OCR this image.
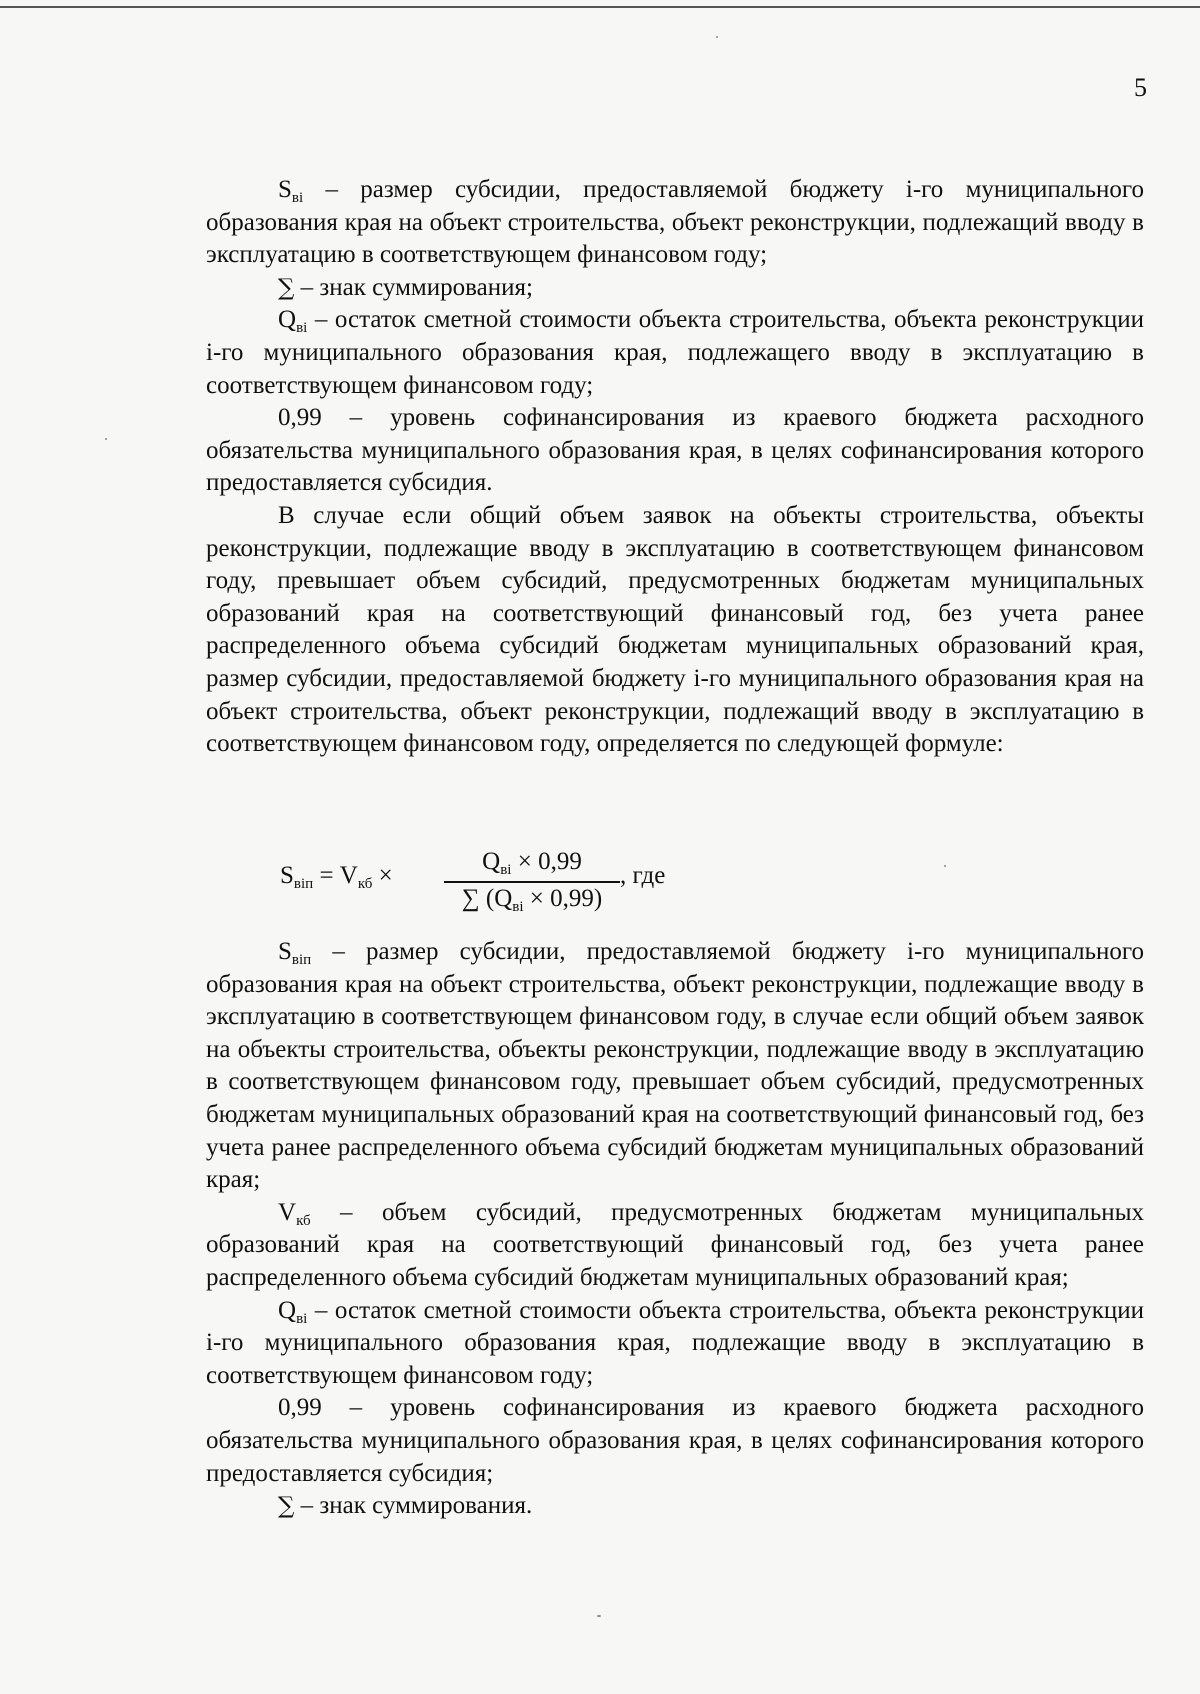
5

$S_{вi}$ – размер субсидии, предоставляемой бюджету i-го муниципального образования края на объект строительства, объект реконструкции, подлежащий вводу в эксплуатацию в соответствующем финансовом году;

∑ – знак суммирования;

$Q_{вi}$ – остаток сметной стоимости объекта строительства, объекта реконструкции i-го муниципального образования края, подлежащего вводу в эксплуатацию в соответствующем финансовом году;

0,99 – уровень софинансирования из краевого бюджета расходного обязательства муниципального образования края, в целях софинансирования которого предоставляется субсидия.

В случае если общий объем заявок на объекты строительства, объекты реконструкции, подлежащие вводу в эксплуатацию в соответствующем финансовом году, превышает объем субсидий, предусмотренных бюджетам муниципальных образований края на соответствующий финансовый год, без учета ранее распределенного объема субсидий бюджетам муниципальных образований края, размер субсидии, предоставляемой бюджету i-го муниципального образования края на объект строительства, объект реконструкции, подлежащий вводу в эксплуатацию в соответствующем финансовом году, определяется по следующей формуле:

$S_{вiп} = V_{кб}$ ×
$Q_{вi} \times 0,99$
∑ $(Q_{вi} \times 0,99)$
, где

$S_{вiп}$ – размер субсидии, предоставляемой бюджету i-го муниципального образования края на объект строительства, объект реконструкции, подлежащие вводу в эксплуатацию в соответствующем финансовом году, в случае если общий объем заявок на объекты строительства, объекты реконструкции, подлежащие вводу в эксплуатацию в соответствующем финансовом году, превышает объем субсидий, предусмотренных бюджетам муниципальных образований края на соответствующий финансовый год, без учета ранее распределенного объема субсидий бюджетам муниципальных образований края;

$V_{кб}$ – объем субсидий, предусмотренных бюджетам муниципальных образований края на соответствующий финансовый год, без учета ранее распределенного объема субсидий бюджетам муниципальных образований края;

$Q_{вi}$ – остаток сметной стоимости объекта строительства, объекта реконструкции i-го муниципального образования края, подлежащие вводу в эксплуатацию в соответствующем финансовом году;

0,99 – уровень софинансирования из краевого бюджета расходного обязательства муниципального образования края, в целях софинансирования которого предоставляется субсидия;

∑ – знак суммирования.
